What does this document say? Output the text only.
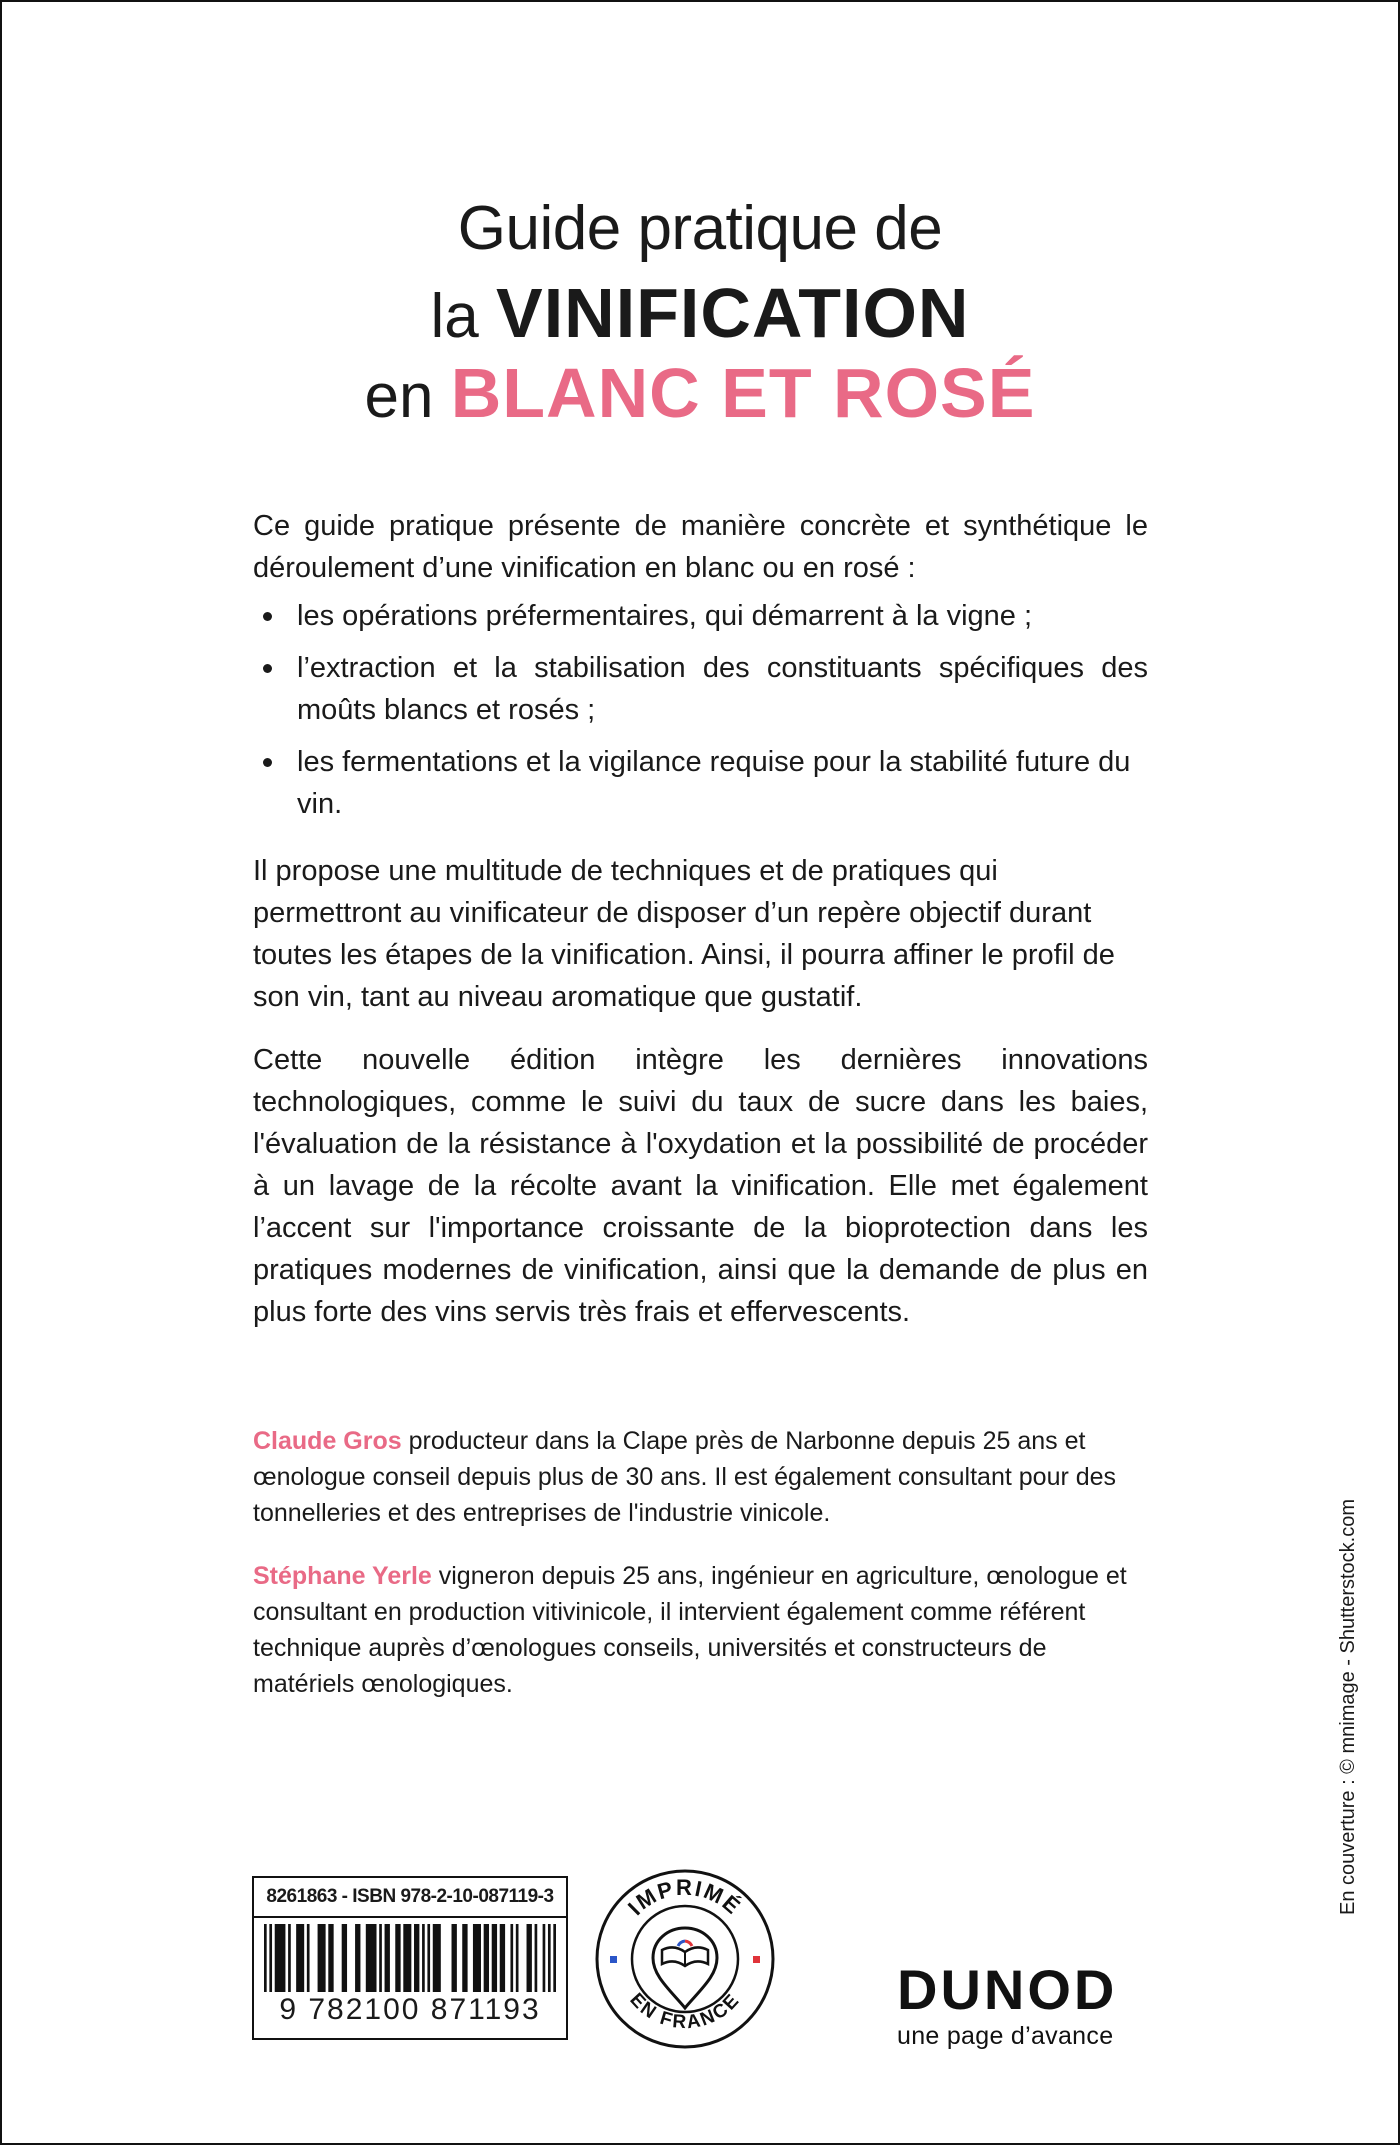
Guide pratique de
la VINIFICATION
en BLANC ET ROSÉ

Ce guide pratique présente de manière concrète et synthétique le déroulement d’une vinification en blanc ou en rosé :

les opérations préfermentaires, qui démarrent à la vigne ;
l’extraction et la stabilisation des constituants spécifiques des moûts blancs et rosés ;
les fermentations et la vigilance requise pour la stabilité future du vin.

Il propose une multitude de techniques et de pratiques qui permettront au vinificateur de disposer d’un repère objectif durant toutes les étapes de la vinification. Ainsi, il pourra affiner le profil de son vin, tant au niveau aromatique que gustatif.

Cette nouvelle édition intègre les dernières innovations technologiques, comme le suivi du taux de sucre dans les baies, l'évaluation de la résistance à l'oxydation et la possibilité de procéder à un lavage de la récolte avant la vinification. Elle met également l’accent sur l'importance croissante de la bioprotection dans les pratiques modernes de vinification, ainsi que la demande de plus en plus forte des vins servis très frais et effervescents.

Claude Gros producteur dans la Clape près de Narbonne depuis 25 ans et œnologue conseil depuis plus de 30 ans. Il est également consultant pour des tonnelleries et des entreprises de l'industrie vinicole.
Stéphane Yerle vigneron depuis 25 ans, ingénieur en agriculture, œnologue et consultant en production vitivinicole, il intervient également comme référent technique auprès d’œnologues conseils, universités et constructeurs de matériels œnologiques.	En couverture : © mnimage - Shutterstock.com
8261863 - ISBN 978-2-10-087119-3
9 782100 871193
IMPRIMÉ
EN FRANCE	DUNOD
une page d’avance
